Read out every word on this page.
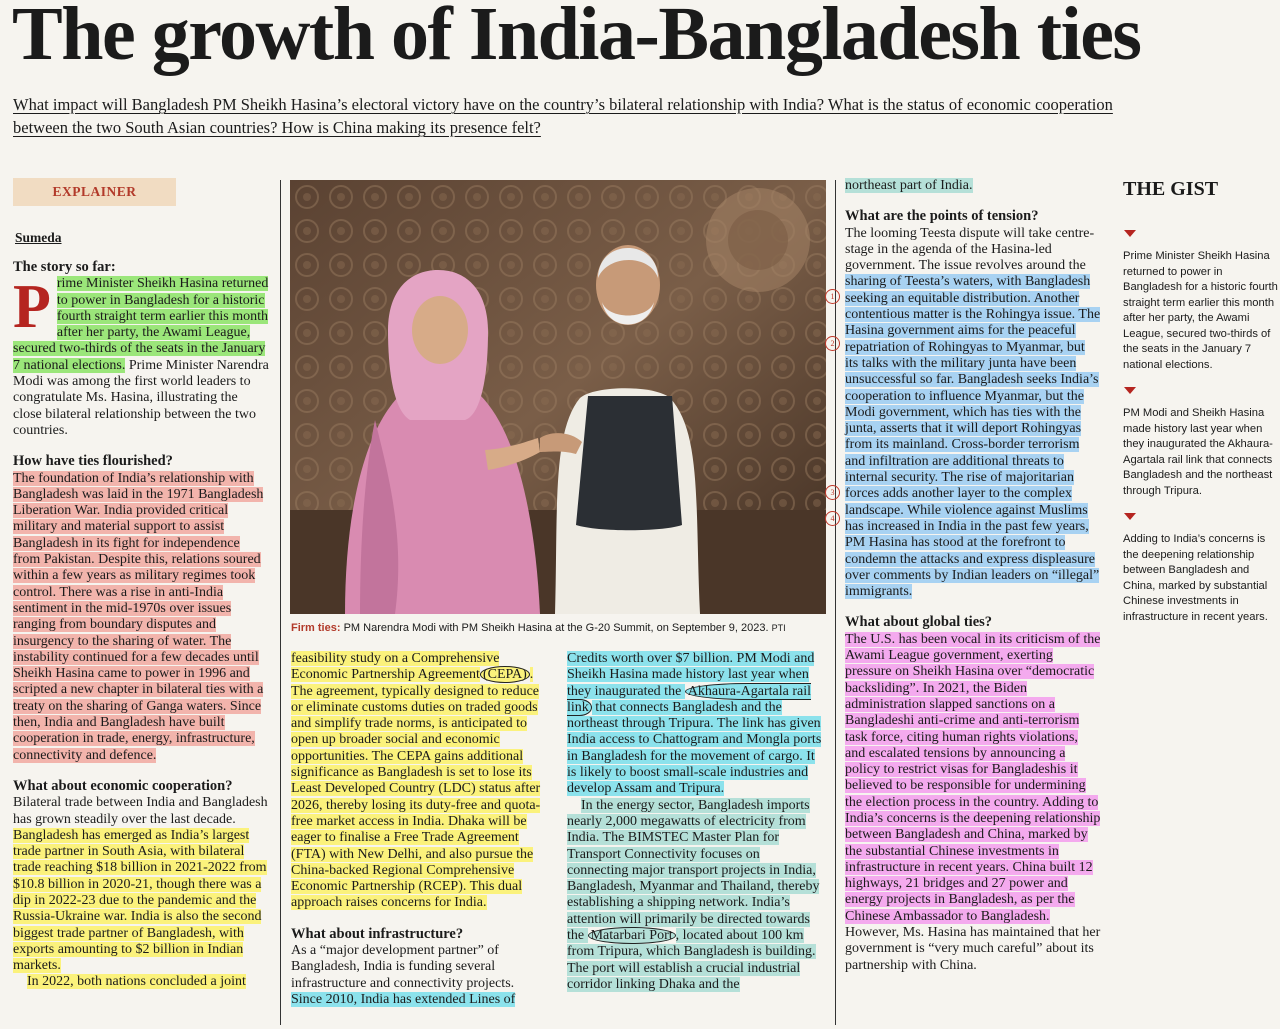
The growth of India-Bangladesh ties
What impact will Bangladesh PM Sheikh Hasina’s electoral victory have on the country’s bilateral relationship with India? What is the status of economic cooperation between the two South Asian countries? How is China making its presence felt?
EXPLAINER
Sumeda

The story so far:

Prime Minister Sheikh Hasina returned to power in Bangladesh for a historic fourth straight term earlier this month after her party, the Awami League, secured two-thirds of the seats in the January 7 national elections. Prime Minister Narendra Modi was among the first world leaders to congratulate Ms. Hasina, illustrating the close bilateral relationship between the two countries.

How have ties flourished?

The foundation of India’s relationship with Bangladesh was laid in the 1971 Bangladesh Liberation War. India provided critical military and material support to assist Bangladesh in its fight for independence from Pakistan. Despite this, relations soured within a few years as military regimes took control. There was a rise in anti-India sentiment in the mid-1970s over issues ranging from boundary disputes and insurgency to the sharing of water. The instability continued for a few decades until Sheikh Hasina came to power in 1996 and scripted a new chapter in bilateral ties with a treaty on the sharing of Ganga waters. Since then, India and Bangladesh have built cooperation in trade, energy, infrastructure, connectivity and defence.

What about economic cooperation?

Bilateral trade between India and Bangladesh has grown steadily over the last decade. Bangladesh has emerged as India’s largest trade partner in South Asia, with bilateral trade reaching $18 billion in 2021-2022 from $10.8 billion in 2020-21, though there was a dip in 2022-23 due to the pandemic and the Russia-Ukraine war. India is also the second biggest trade partner of Bangladesh, with exports amounting to $2 billion in Indian markets.

In 2022, both nations concluded a joint

Firm ties: PM Narendra Modi with PM Sheikh Hasina at the G-20 Summit, on September 9, 2023. PTI

feasibility study on a Comprehensive Economic Partnership Agreement (CEPA) . The agreement, typically designed to reduce or eliminate customs duties on traded goods and simplify trade norms, is anticipated to open up broader social and economic opportunities. The CEPA gains additional significance as Bangladesh is set to lose its Least Developed Country (LDC) status after 2026, thereby losing its duty-free and quota-free market access in India. Dhaka will be eager to finalise a Free Trade Agreement (FTA) with New Delhi, and also pursue the China-backed Regional Comprehensive Economic Partnership (RCEP). This dual approach raises concerns for India.

What about infrastructure?

As a “major development partner” of Bangladesh, India is funding several infrastructure and connectivity projects. Since 2010, India has extended Lines of

Credits worth over $7 billion. PM Modi and Sheikh Hasina made history last year when they inaugurated the Akhaura-Agartala rail link that connects Bangladesh and the northeast through Tripura. The link has given India access to Chattogram and Mongla ports in Bangladesh for the movement of cargo. It is likely to boost small-scale industries and develop Assam and Tripura.

In the energy sector, Bangladesh imports nearly 2,000 megawatts of electricity from India. The BIMSTEC Master Plan for Transport Connectivity focuses on connecting major transport projects in India, Bangladesh, Myanmar and Thailand, thereby establishing a shipping network. India’s attention will primarily be directed towards the Matarbari Port , located about 100 km from Tripura, which Bangladesh is building. The port will establish a crucial industrial corridor linking Dhaka and the

northeast part of India.

What are the points of tension?

The looming Teesta dispute will take centre-stage in the agenda of the Hasina-led government. The issue revolves around the sharing of Teesta’s waters, with Bangladesh seeking an equitable distribution. Another contentious matter is the Rohingya issue. The Hasina government aims for the peaceful repatriation of Rohingyas to Myanmar, but its talks with the military junta have been unsuccessful so far. Bangladesh seeks India’s cooperation to influence Myanmar, but the Modi government, which has ties with the junta, asserts that it will deport Rohingyas from its mainland. Cross-border terrorism and infiltration are additional threats to internal security. The rise of majoritarian forces adds another layer to the complex landscape. While violence against Muslims has increased in India in the past few years, PM Hasina has stood at the forefront to condemn the attacks and express displeasure over comments by Indian leaders on “illegal” immigrants.

What about global ties?

The U.S. has been vocal in its criticism of the Awami League government, exerting pressure on Sheikh Hasina over “democratic backsliding”. In 2021, the Biden administration slapped sanctions on a Bangladeshi anti-crime and anti-terrorism task force, citing human rights violations, and escalated tensions by announcing a policy to restrict visas for Bangladeshis it believed to be responsible for undermining the election process in the country. Adding to India’s concerns is the deepening relationship between Bangladesh and China, marked by the substantial Chinese investments in infrastructure in recent years. China built 12 highways, 21 bridges and 27 power and energy projects in Bangladesh, as per the Chinese Ambassador to Bangladesh. However, Ms. Hasina has maintained that her government is “very much careful” about its partnership with China.

1
2
3
4
THE GIST
Prime Minister Sheikh Hasina returned to power in Bangladesh for a historic fourth straight term earlier this month after her party, the Awami League, secured two-thirds of the seats in the January 7 national elections.
PM Modi and Sheikh Hasina made history last year when they inaugurated the Akhaura-Agartala rail link that connects Bangladesh and the northeast through Tripura.
Adding to India’s concerns is the deepening relationship between Bangladesh and China, marked by substantial Chinese investments in infrastructure in recent years.
